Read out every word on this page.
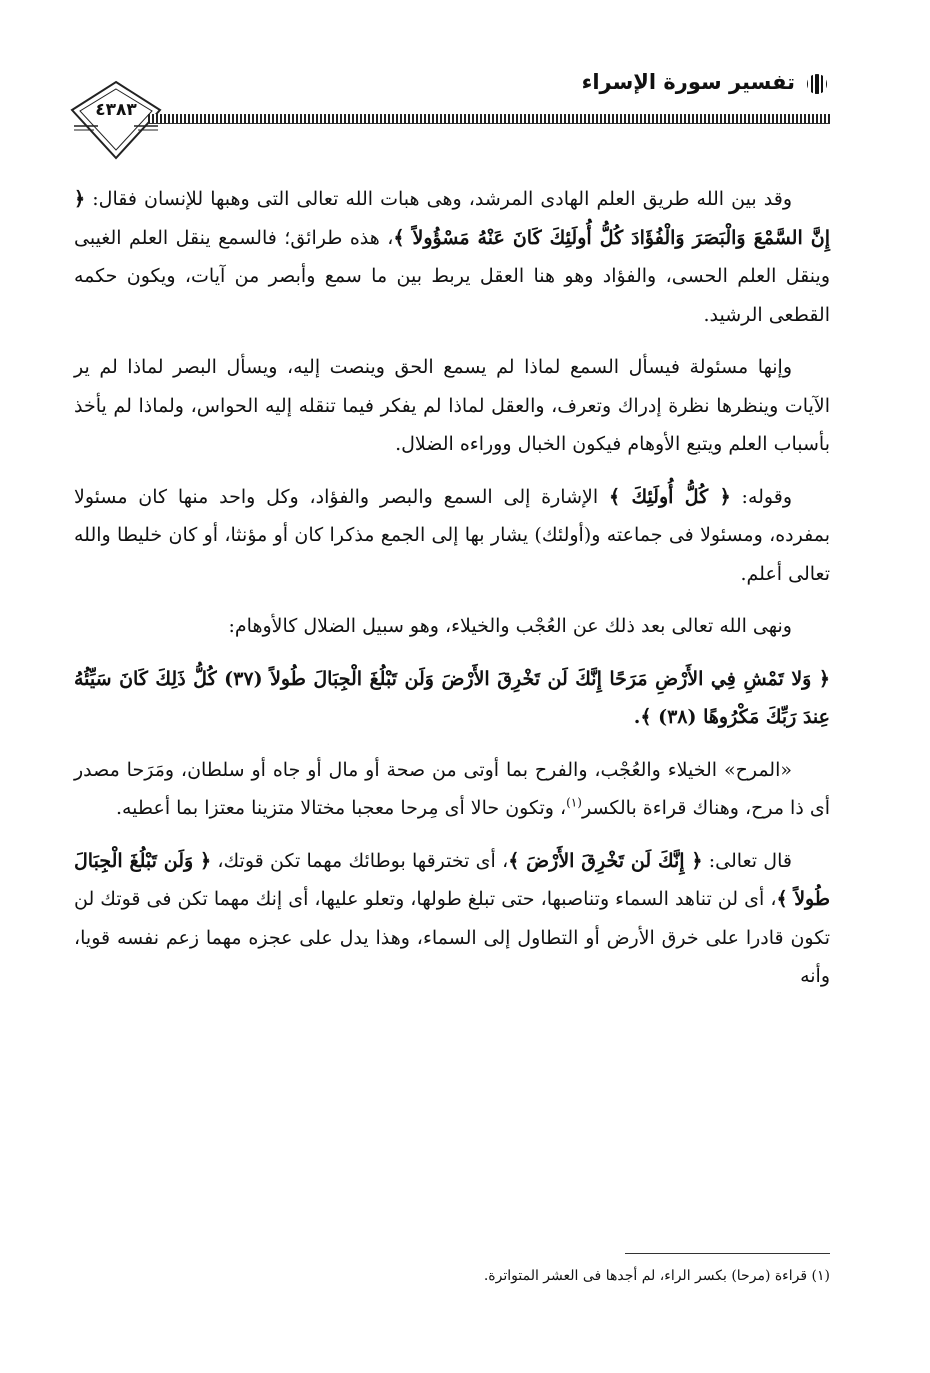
٤٣٨٣
تفسير سورة الإسراء

وقد بين الله طريق العلم الهادى المرشد، وهى هبات الله تعالى التى وهبها للإنسان فقال: ﴿ إِنَّ السَّمْعَ وَالْبَصَرَ وَالْفُؤَادَ كُلُّ أُولَئِكَ كَانَ عَنْهُ مَسْؤُولاً ﴾، هذه طرائق؛ فالسمع ينقل العلم الغيبى وينقل العلم الحسى، والفؤاد وهو هنا العقل يربط بين ما سمع وأبصر من آيات، ويكون حكمه القطعى الرشيد.

وإنها مسئولة فيسأل السمع لماذا لم يسمع الحق وينصت إليه، ويسأل البصر لماذا لم ير الآيات وينظرها نظرة إدراك وتعرف، والعقل لماذا لم يفكر فيما تنقله إليه الحواس، ولماذا لم يأخذ بأسباب العلم ويتبع الأوهام فيكون الخبال ووراءه الضلال.

وقوله: ﴿ كُلُّ أُولَئِكَ ﴾ الإشارة إلى السمع والبصر والفؤاد، وكل واحد منها كان مسئولا بمفرده، ومسئولا فى جماعته و(أولئك) يشار بها إلى الجمع مذكرا كان أو مؤنثا، أو كان خليطا والله تعالى أعلم.

ونهى الله تعالى بعد ذلك عن العُجْب والخيلاء، وهو سبيل الضلال كالأوهام:

﴿ وَلا تَمْشِ فِي الأَرْضِ مَرَحًا إِنَّكَ لَن تَخْرِقَ الأَرْضَ وَلَن تَبْلُغَ الْجِبَالَ طُولاً (٣٧) كُلُّ ذَلِكَ كَانَ سَيِّئُهُ عِندَ رَبِّكَ مَكْرُوهًا (٣٨) ﴾.

«المرح» الخيلاء والعُجْب، والفرح بما أوتى من صحة أو مال أو جاه أو سلطان، ومَرَحا مصدر أى ذا مرح، وهناك قراءة بالكسر$^{(١)}$، وتكون حالا أى مِرحا معجبا مختالا متزينا معتزا بما أعطيه.

قال تعالى: ﴿ إِنَّكَ لَن تَخْرِقَ الأَرْضَ ﴾، أى تخترقها بوطائك مهما تكن قوتك، ﴿ وَلَن تَبْلُغَ الْجِبَالَ طُولاً ﴾، أى لن تناهد السماء وتناصبها، حتى تبلغ طولها، وتعلو عليها، أى إنك مهما تكن فى قوتك لن تكون قادرا على خرق الأرض أو التطاول إلى السماء، وهذا يدل على عجزه مهما زعم نفسه قويا، وأنه

(١) قراءة (مرحا) بكسر الراء، لم أجدها فى العشر المتواترة.
